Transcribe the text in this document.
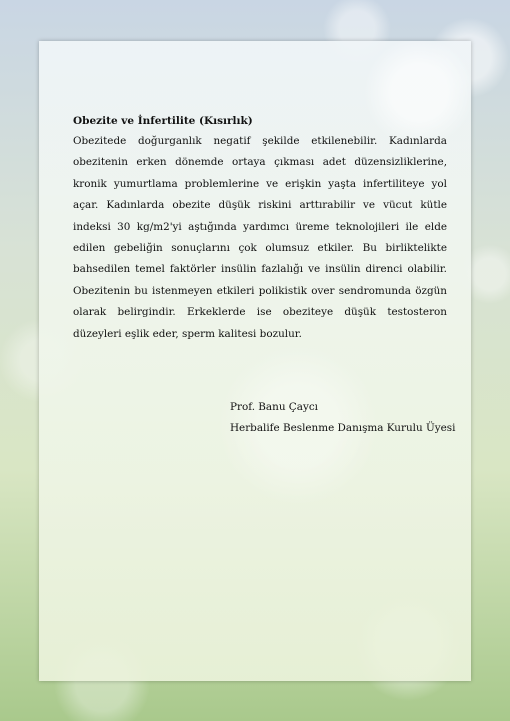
Obezite ve İnfertilite (Kısırlık)

Obezitede doğurganlık negatif şekilde etkilenebilir. Kadınlarda obezitenin erken dönemde ortaya çıkması adet düzensizliklerine, kronik yumurtlama problemlerine ve erişkin yaşta infertiliteye yol açar. Kadınlarda obezite düşük riskini arttırabilir ve vücut kütle indeksi 30 kg/m2'yi aştığında yardımcı üreme teknolojileri ile elde edilen gebeliğin sonuçlarını çok olumsuz etkiler. Bu birliktelikte bahsedilen temel faktörler insülin fazlalığı ve insülin direnci olabilir. Obezitenin bu istenmeyen etkileri polikistik over sendromunda özgün olarak belirgindir. Erkeklerde ise obeziteye düşük testosteron düzeyleri eşlik eder, sperm kalitesi bozulur.

Prof. Banu Çaycı
Herbalife Beslenme Danışma Kurulu Üyesi
